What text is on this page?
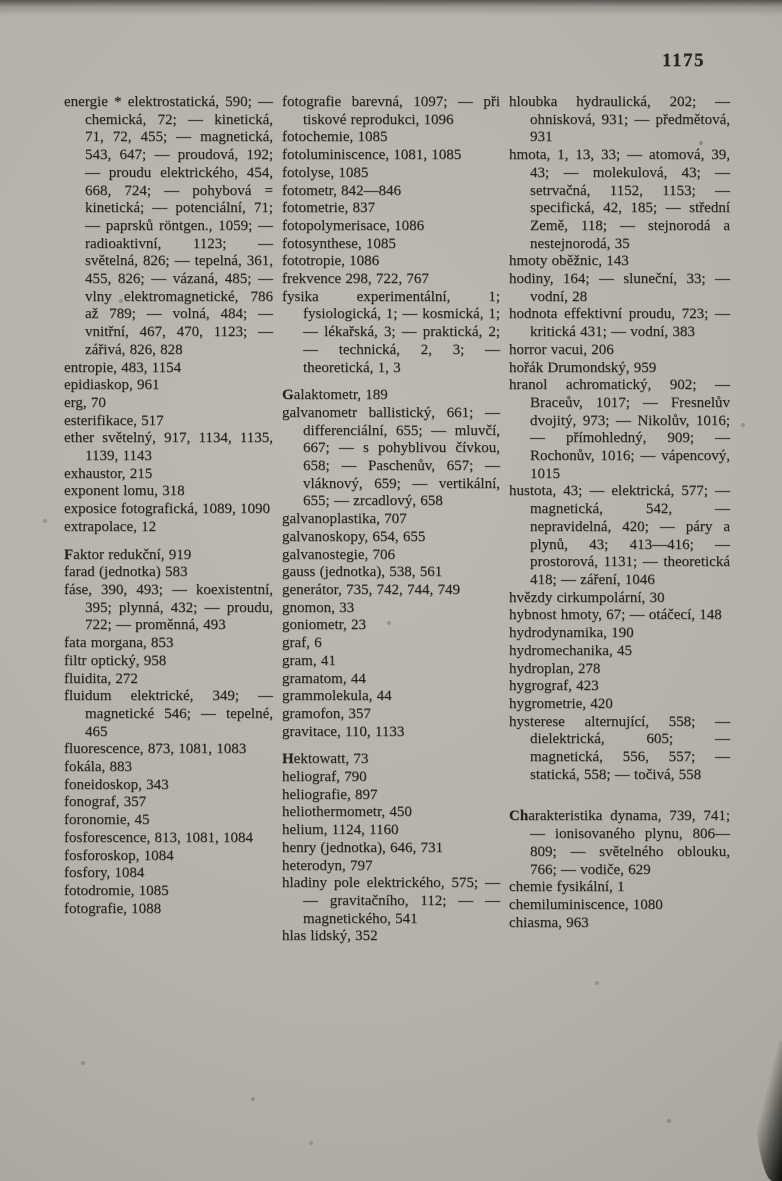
1175

energie * elektrostatická, 590; — chemická, 72; — kinetická, 71, 72, 455; — magnetická, 543, 647; — proudová, 192; — proudu elektrického, 454, 668, 724; — pohybová = kinetická; — potenciální, 71; — paprsků röntgen., 1059; — radioaktivní, 1123; — světelná, 826; — tepelná, 361, 455, 826; — vázaná, 485; — vlny elektromagnetické, 786 až 789; — volná, 484; — vnitřní, 467, 470, 1123; — zářivá, 826, 828

entropie, 483, 1154

epidiaskop, 961

erg, 70

esterifikace, 517

ether světelný, 917, 1134, 1135, 1139, 1143

exhaustor, 215

exponent lomu, 318

exposice fotografická, 1089, 1090

extrapolace, 12

Faktor redukční, 919

farad (jednotka) 583

fáse, 390, 493; — koexistentní, 395; plynná, 432; — proudu, 722; — proměnná, 493

fata morgana, 853

filtr optický, 958

fluidita, 272

fluidum elektrické, 349; — magnetické 546; — tepelné, 465

fluorescence, 873, 1081, 1083

fokála, 883

foneidoskop, 343

fonograf, 357

foronomie, 45

fosforescence, 813, 1081, 1084

fosforoskop, 1084

fosfory, 1084

fotodromie, 1085

fotografie, 1088

fotografie barevná, 1097; — při tiskové reprodukci, 1096

fotochemie, 1085

fotoluminiscence, 1081, 1085

fotolyse, 1085

fotometr, 842—846

fotometrie, 837

fotopolymerisace, 1086

fotosynthese, 1085

fototropie, 1086

frekvence 298, 722, 767

fysika experimentální, 1; fysiologická, 1; — kosmická, 1; — lékařská, 3; — praktická, 2; — technická, 2, 3; — theoretická, 1, 3

Galaktometr, 189

galvanometr ballistický, 661; — differenciální, 655; — mluvčí, 667; — s pohyblivou čívkou, 658; — Paschenův, 657; — vláknový, 659; — vertikální, 655; — zrcadlový, 658

galvanoplastika, 707

galvanoskopy, 654, 655

galvanostegie, 706

gauss (jednotka), 538, 561

generátor, 735, 742, 744, 749

gnomon, 33

goniometr, 23

graf, 6

gram, 41

gramatom, 44

grammolekula, 44

gramofon, 357

gravitace, 110, 1133

Hektowatt, 73

heliograf, 790

heliografie, 897

heliothermometr, 450

helium, 1124, 1160

henry (jednotka), 646, 731

heterodyn, 797

hladiny pole elektrického, 575; — — gravitačního, 112; — — magnetického, 541

hlas lidský, 352

hloubka hydraulická, 202; — ohnisková, 931; — předmětová, 931

hmota, 1, 13, 33; — atomová, 39, 43; — molekulová, 43; — setrvačná, 1152, 1153; — specifická, 42, 185; — střední Země, 118; — stejnorodá a nestejnorodá, 35

hmoty oběžnic, 143

hodiny, 164; — sluneční, 33; — vodní, 28

hodnota effektivní proudu, 723; — kritická 431; — vodní, 383

horror vacui, 206

hořák Drumondský, 959

hranol achromatický, 902; — Braceův, 1017; — Fresnelův dvojitý, 973; — Nikolův, 1016; — přímohledný, 909; — Rochonův, 1016; — vápencový, 1015

hustota, 43; — elektrická, 577; — magnetická, 542, — nepravidelná, 420; — páry a plynů, 43; 413—416; — prostorová, 1131; — theoretická 418; — záření, 1046

hvězdy cirkumpolární, 30

hybnost hmoty, 67; — otáčecí, 148

hydrodynamika, 190

hydromechanika, 45

hydroplan, 278

hygrograf, 423

hygrometrie, 420

hysterese alternující, 558; — dielektrická, 605; — magnetická, 556, 557; — statická, 558; — točivá, 558

Charakteristika dynama, 739, 741; — ionisovaného plynu, 806—809; — světelného oblouku, 766; — vodiče, 629

chemie fysikální, 1

chemiluminiscence, 1080

chiasma, 963
